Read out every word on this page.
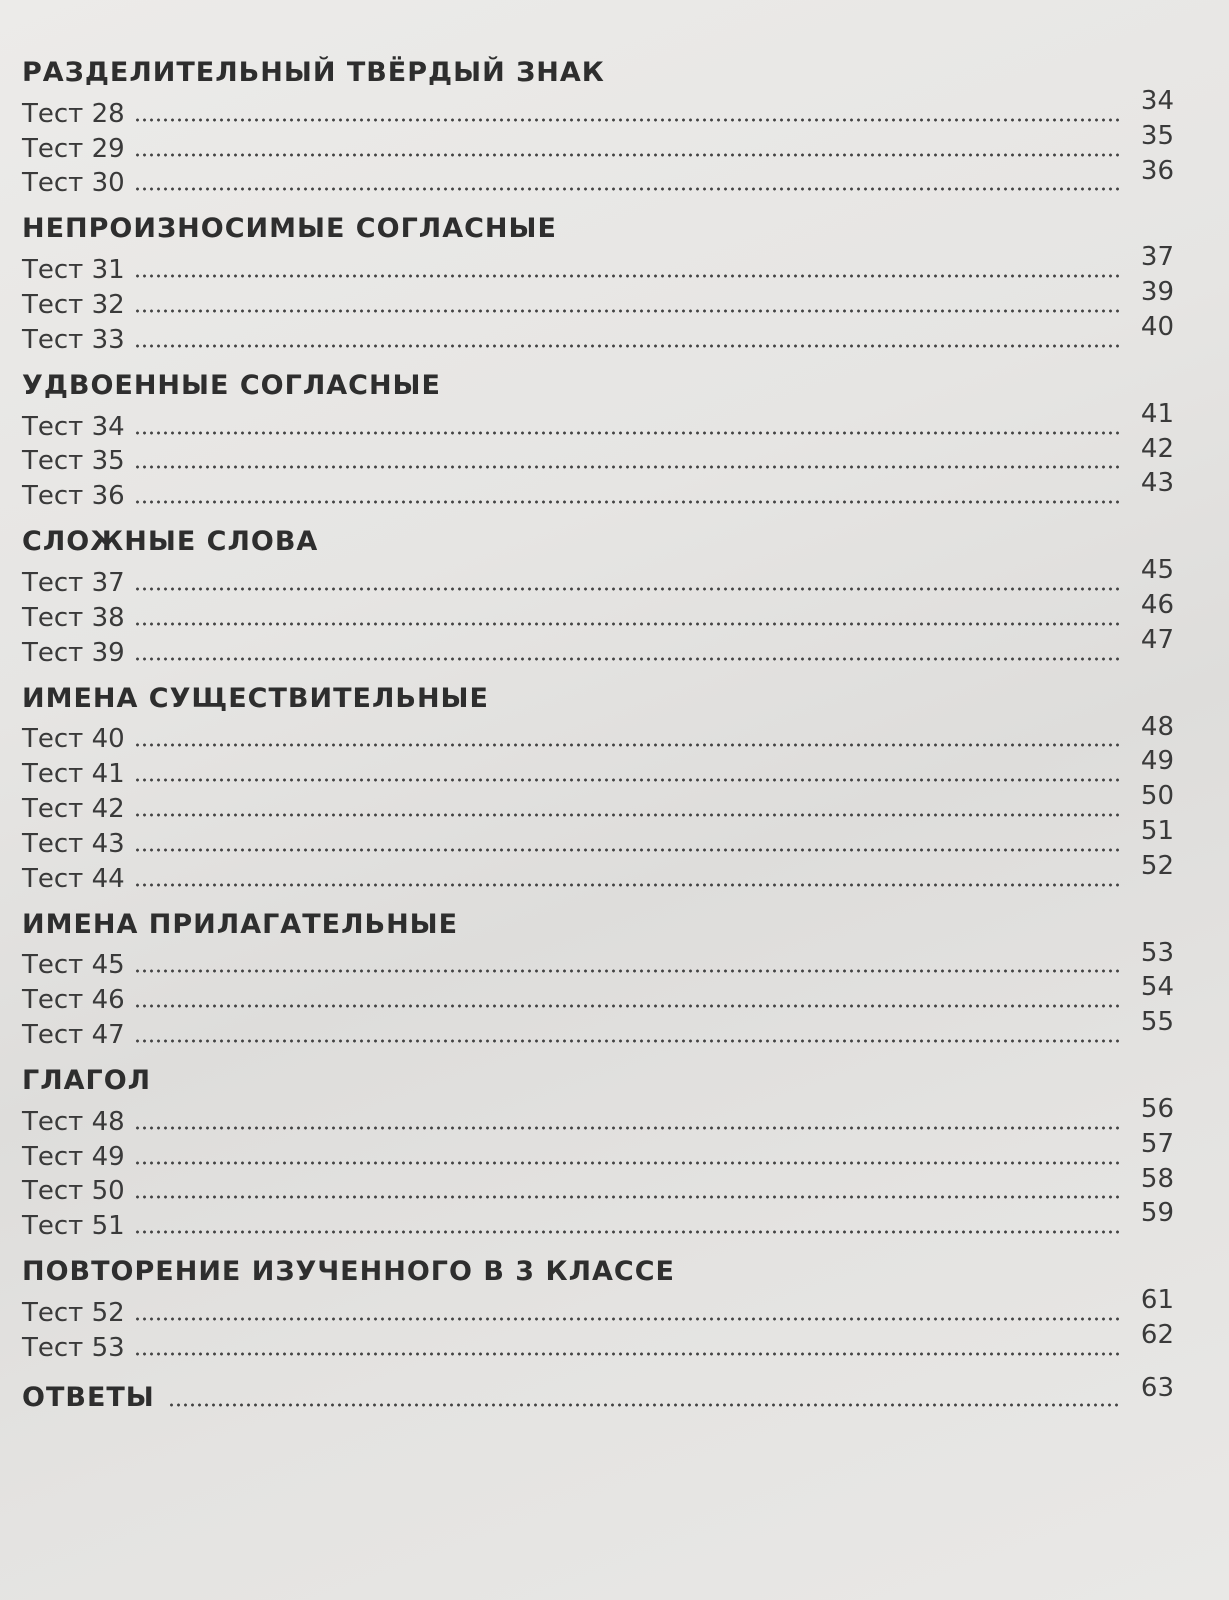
РАЗДЕЛИТЕЛЬНЫЙ ТВЁРДЫЙ ЗНАК
Тест 28	34
Тест 29	35
Тест 30	36
НЕПРОИЗНОСИМЫЕ СОГЛАСНЫЕ
Тест 31	37
Тест 32	39
Тест 33	40
УДВОЕННЫЕ СОГЛАСНЫЕ
Тест 34	41
Тест 35	42
Тест 36	43
СЛОЖНЫЕ СЛОВА
Тест 37	45
Тест 38	46
Тест 39	47
ИМЕНА СУЩЕСТВИТЕЛЬНЫЕ
Тест 40	48
Тест 41	49
Тест 42	50
Тест 43	51
Тест 44	52
ИМЕНА ПРИЛАГАТЕЛЬНЫЕ
Тест 45	53
Тест 46	54
Тест 47	55
ГЛАГОЛ
Тест 48	56
Тест 49	57
Тест 50	58
Тест 51	59
ПОВТОРЕНИЕ ИЗУЧЕННОГО В 3 КЛАССЕ
Тест 52	61
Тест 53	62
ОТВЕТЫ	63
